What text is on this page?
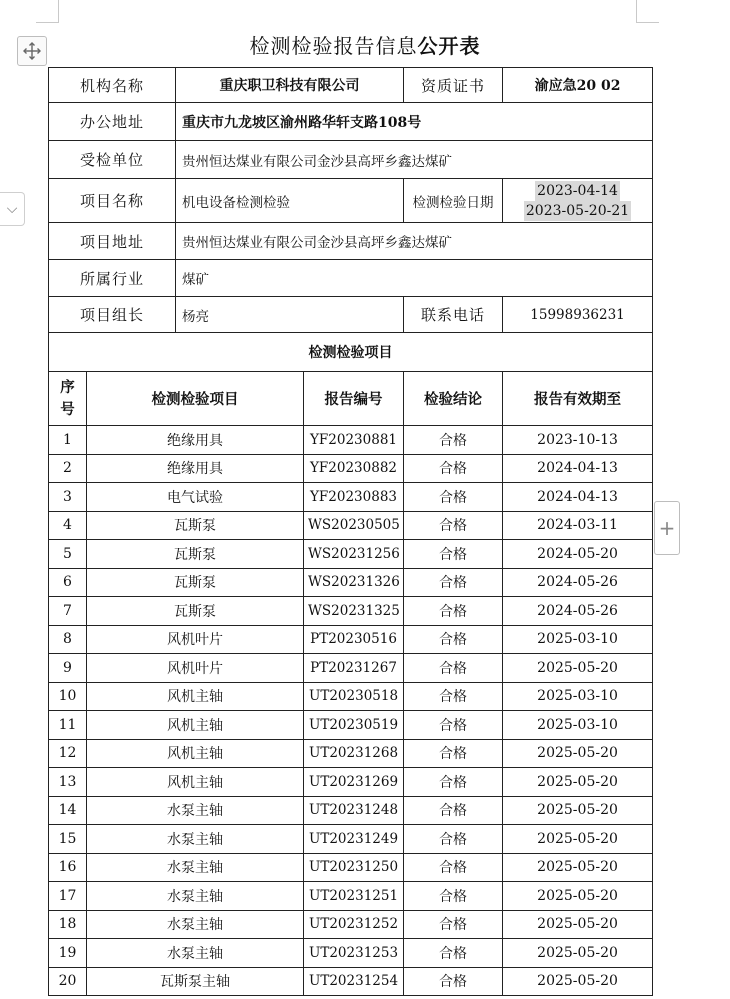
⌵
+
检测检验报告信息公开表
机构名称		重庆职卫科技有限公司		资质证书	渝应急20 02
办公地址		重庆市九龙坡区渝州路华轩支路108号			
受检单位		贵州恒达煤业有限公司金沙县高坪乡鑫达煤矿			
项目名称		机电设备检测检验		检测检验日期	2023-04-14
2023-05-20-21
项目地址		贵州恒达煤业有限公司金沙县高坪乡鑫达煤矿			
所属行业		煤矿			
项目组长		杨亮		联系电话	15998936231
检测检验项目					
序号	检测检验项目		报告编号	检验结论	报告有效期至
1	绝缘用具		YF20230881	合格	2023-10-13
2	绝缘用具		YF20230882	合格	2024-04-13
3	电气试验		YF20230883	合格	2024-04-13
4	瓦斯泵		WS20230505	合格	2024-03-11
5	瓦斯泵		WS20231256	合格	2024-05-20
6	瓦斯泵		WS20231326	合格	2024-05-26
7	瓦斯泵		WS20231325	合格	2024-05-26
8	风机叶片		PT20230516	合格	2025-03-10
9	风机叶片		PT20231267	合格	2025-05-20
10	风机主轴		UT20230518	合格	2025-03-10
11	风机主轴		UT20230519	合格	2025-03-10
12	风机主轴		UT20231268	合格	2025-05-20
13	风机主轴		UT20231269	合格	2025-05-20
14	水泵主轴		UT20231248	合格	2025-05-20
15	水泵主轴		UT20231249	合格	2025-05-20
16	水泵主轴		UT20231250	合格	2025-05-20
17	水泵主轴		UT20231251	合格	2025-05-20
18	水泵主轴		UT20231252	合格	2025-05-20
19	水泵主轴		UT20231253	合格	2025-05-20
20	瓦斯泵主轴		UT20231254	合格	2025-05-20
